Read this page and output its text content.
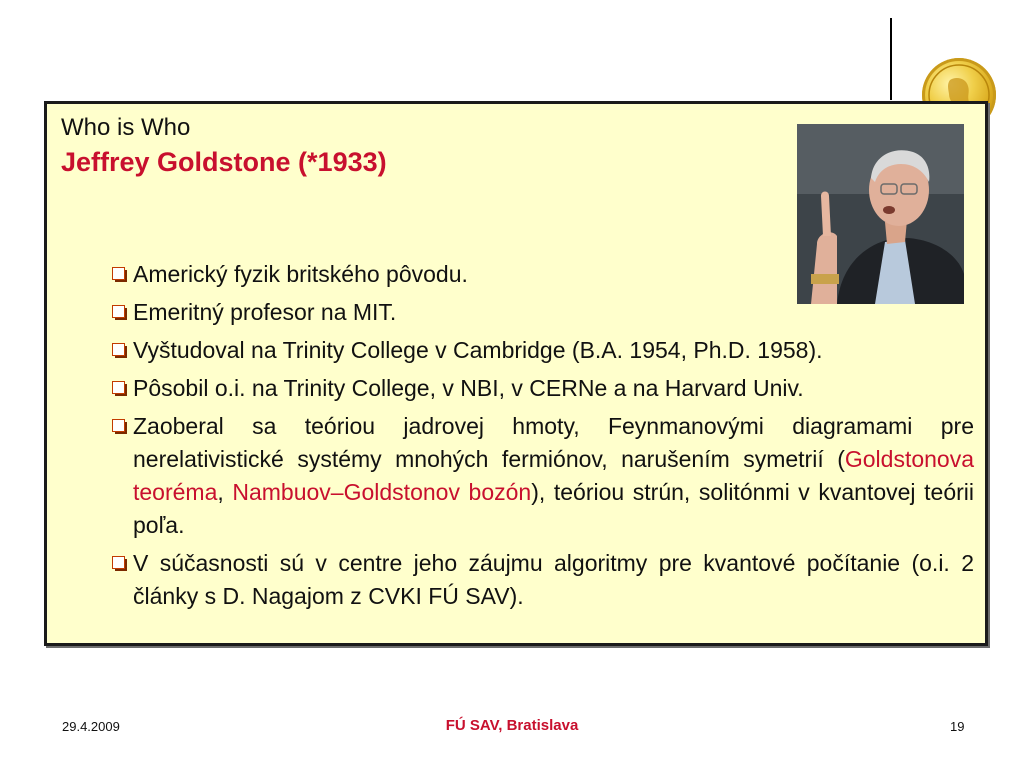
Who is Who
Jeffrey Goldstone (*1933)
Americký fyzik britského pôvodu.
Emeritný profesor na MIT.
Vyštudoval na Trinity College v Cambridge (B.A. 1954, Ph.D. 1958).
Pôsobil o.i. na Trinity College, v NBI, v CERNe a na Harvard Univ.
Zaoberal sa teóriou jadrovej hmoty, Feynmanovými diagramami pre nerelativistické systémy mnohých fermiónov, narušením symetrií (Goldstonova teoréma, Nambuov–Goldstonov bozón), teóriou strún, solitónmi v kvantovej teórii poľa.
V súčasnosti sú v centre jeho záujmu algoritmy pre kvantové počítanie (o.i. 2 články s D. Nagajom z CVKI FÚ SAV).
29.4.2009	FÚ SAV, Bratislava	19
